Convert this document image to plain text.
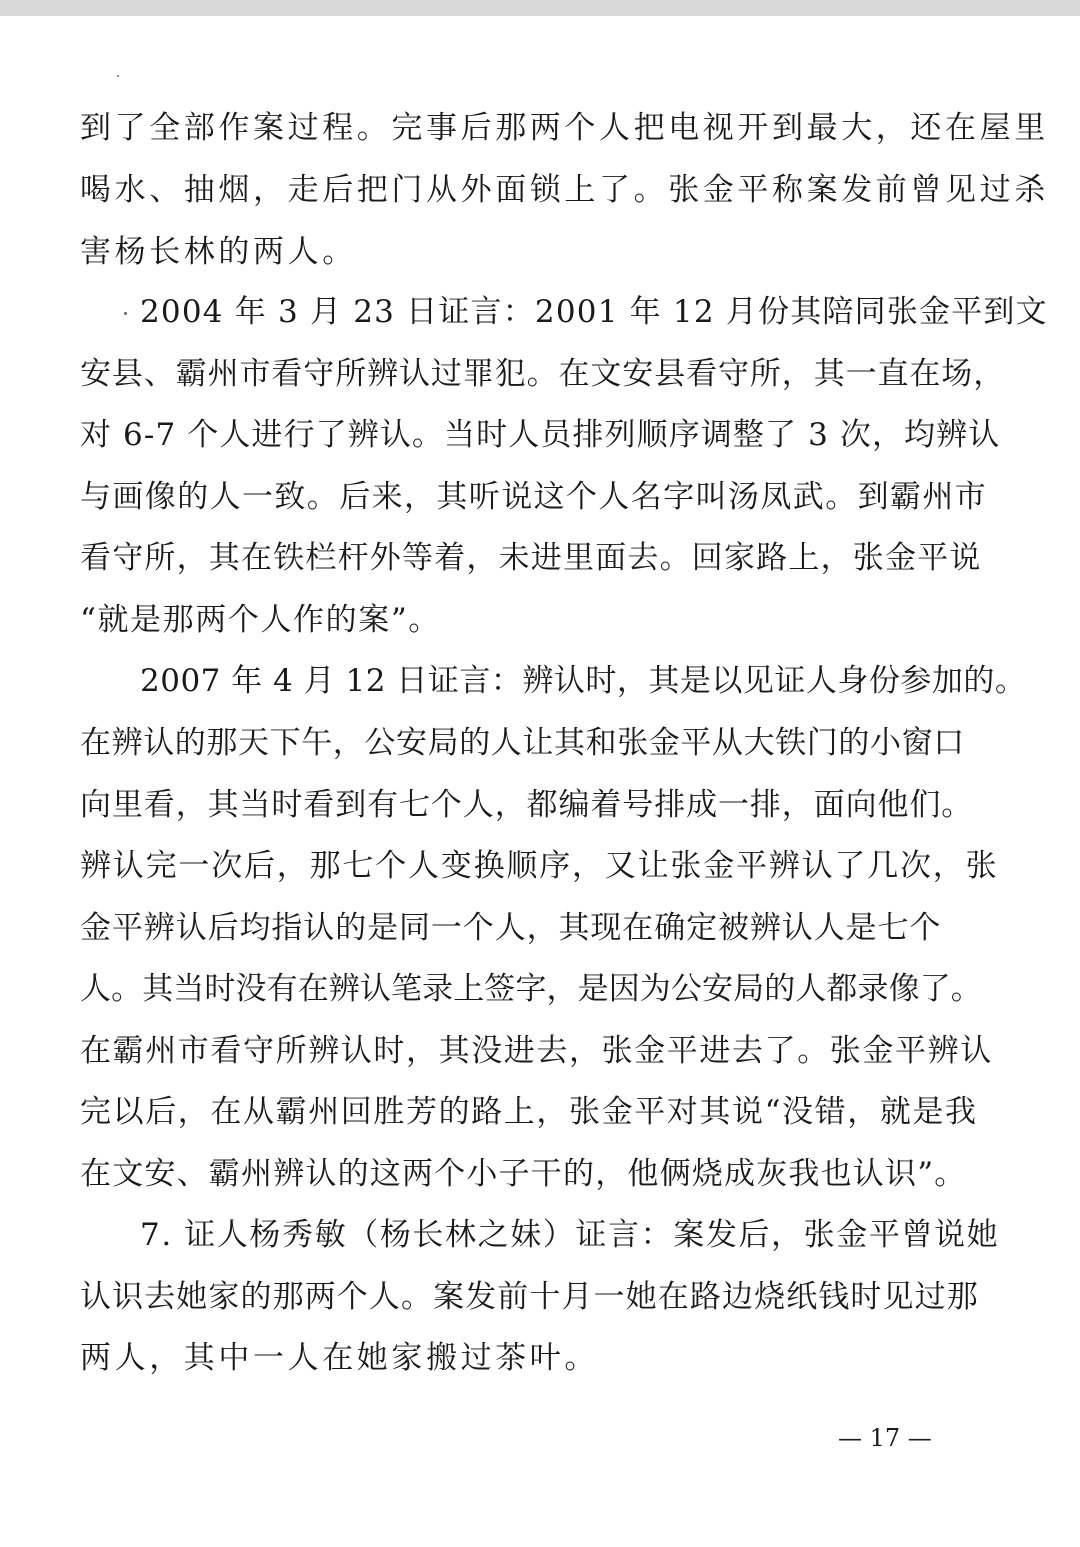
到了全部作案过程。完事后那两个人把电视开到最大，还在屋里
喝水、抽烟，走后把门从外面锁上了。张金平称案发前曾见过杀
害杨长林的两人。
2004 年 3 月 23 日证言：2001 年 12 月份其陪同张金平到文
安县、霸州市看守所辨认过罪犯。在文安县看守所，其一直在场，
对 6-7 个人进行了辨认。当时人员排列顺序调整了 3 次，均辨认
与画像的人一致。后来，其听说这个人名字叫汤凤武。到霸州市
看守所，其在铁栏杆外等着，未进里面去。回家路上，张金平说
“就是那两个人作的案”。
2007 年 4 月 12 日证言：辨认时，其是以见证人身份参加的。
在辨认的那天下午，公安局的人让其和张金平从大铁门的小窗口
向里看，其当时看到有七个人，都编着号排成一排，面向他们。
辨认完一次后，那七个人变换顺序，又让张金平辨认了几次，张
金平辨认后均指认的是同一个人，其现在确定被辨认人是七个
人。其当时没有在辨认笔录上签字，是因为公安局的人都录像了。
在霸州市看守所辨认时，其没进去，张金平进去了。张金平辨认
完以后，在从霸州回胜芳的路上，张金平对其说“没错，就是我
在文安、霸州辨认的这两个小子干的，他俩烧成灰我也认识”。
7. 证人杨秀敏（杨长林之妹）证言：案发后，张金平曾说她
认识去她家的那两个人。案发前十月一她在路边烧纸钱时见过那
两人，其中一人在她家搬过茶叶。
— 17 —
